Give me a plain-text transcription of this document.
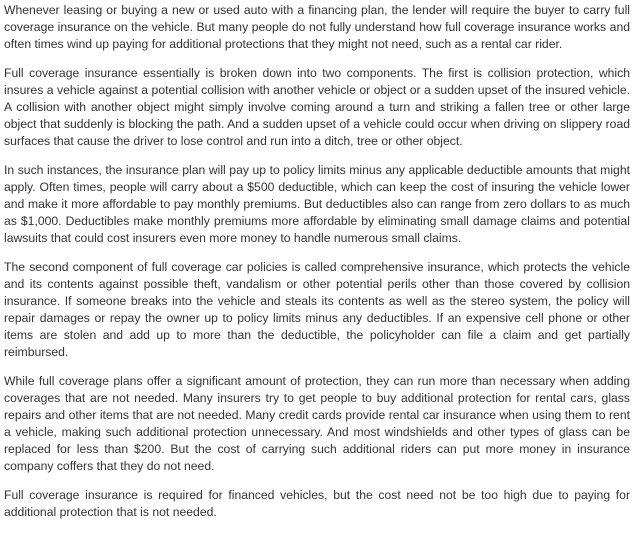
Whenever leasing or buying a new or used auto with a financing plan, the lender will require the buyer to carry full coverage insurance on the vehicle. But many people do not fully understand how full coverage insurance works and often times wind up paying for additional protections that they might not need, such as a rental car rider.

Full coverage insurance essentially is broken down into two components. The first is collision protection, which insures a vehicle against a potential collision with another vehicle or object or a sudden upset of the insured vehicle. A collision with another object might simply involve coming around a turn and striking a fallen tree or other large object that suddenly is blocking the path. And a sudden upset of a vehicle could occur when driving on slippery road surfaces that cause the driver to lose control and run into a ditch, tree or other object.

In such instances, the insurance plan will pay up to policy limits minus any applicable deductible amounts that might apply. Often times, people will carry about a $500 deductible, which can keep the cost of insuring the vehicle lower and make it more affordable to pay monthly premiums. But deductibles also can range from zero dollars to as much as $1,000. Deductibles make monthly premiums more affordable by eliminating small damage claims and potential lawsuits that could cost insurers even more money to handle numerous small claims.

The second component of full coverage car policies is called comprehensive insurance, which protects the vehicle and its contents against possible theft, vandalism or other potential perils other than those covered by collision insurance. If someone breaks into the vehicle and steals its contents as well as the stereo system, the policy will repair damages or repay the owner up to policy limits minus any deductibles. If an expensive cell phone or other items are stolen and add up to more than the deductible, the policyholder can file a claim and get partially reimbursed.

While full coverage plans offer a significant amount of protection, they can run more than necessary when adding coverages that are not needed. Many insurers try to get people to buy additional protection for rental cars, glass repairs and other items that are not needed. Many credit cards provide rental car insurance when using them to rent a vehicle, making such additional protection unnecessary. And most windshields and other types of glass can be replaced for less than $200. But the cost of carrying such additional riders can put more money in insurance company coffers that they do not need.

Full coverage insurance is required for financed vehicles, but the cost need not be too high due to paying for additional protection that is not needed.
